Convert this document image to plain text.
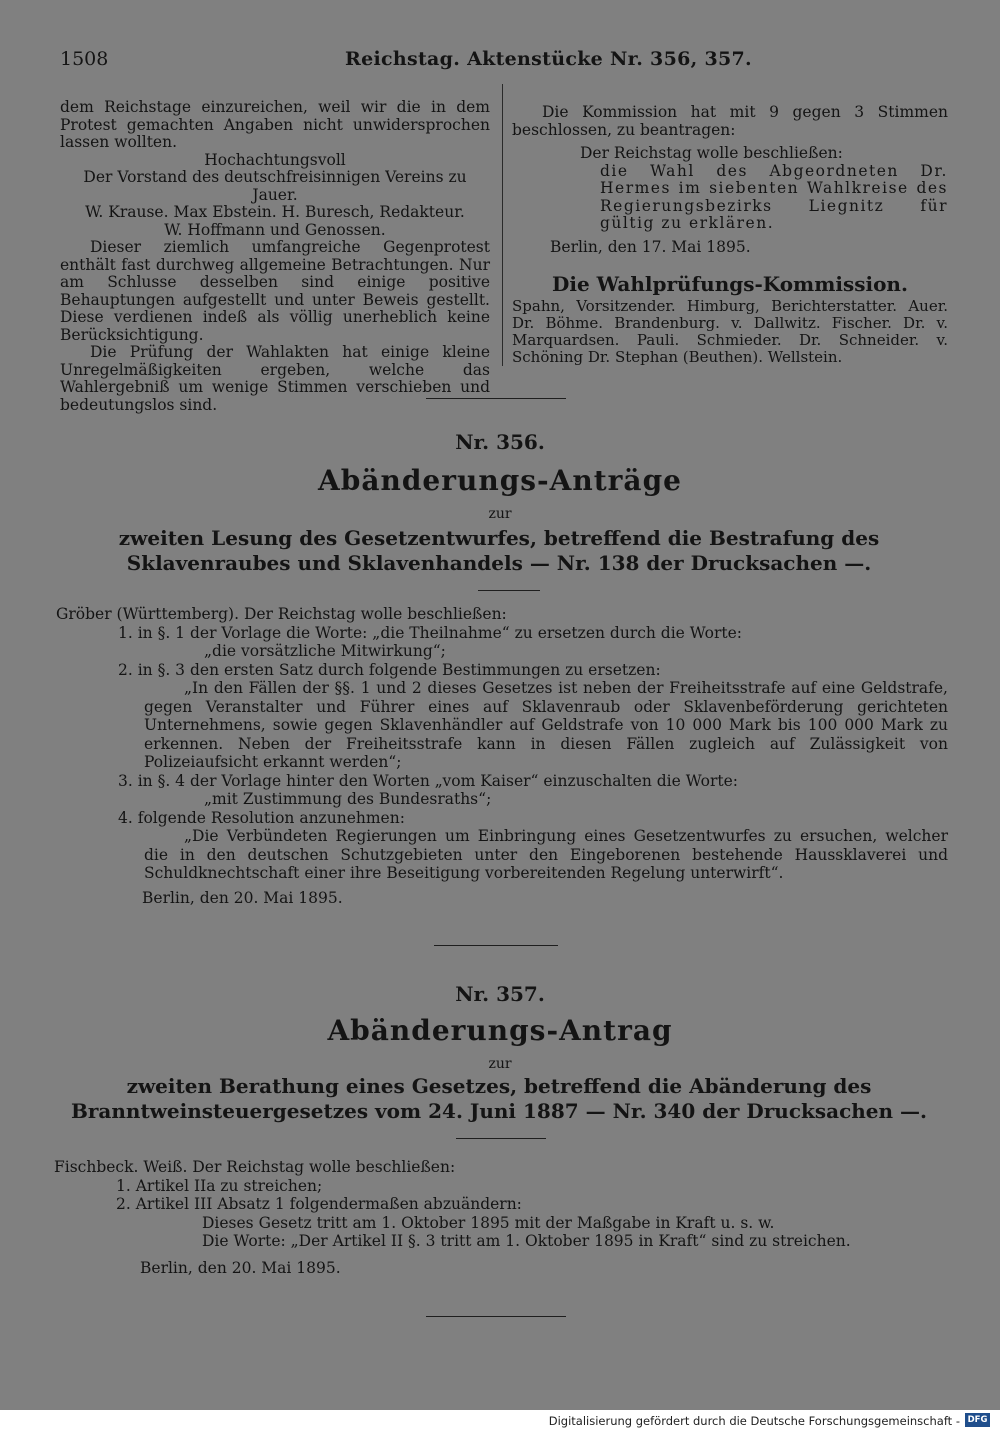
1508	Reichstag. Aktenstücke Nr. 356, 357.

dem Reichstage einzureichen, weil wir die in dem Protest gemachten Angaben nicht unwidersprochen lassen wollten.

Hochachtungsvoll

Der Vorstand des deutschfreisinnigen Vereins zu Jauer.

W. Krause. Max Ebstein. H. Buresch, Redakteur.

W. Hoffmann und Genossen.

Dieser ziemlich umfangreiche Gegenprotest enthält fast durchweg allgemeine Betrachtungen. Nur am Schlusse desselben sind einige positive Behauptungen aufgestellt und unter Beweis gestellt. Diese verdienen indeß als völlig unerheblich keine Berücksichtigung.

Die Prüfung der Wahlakten hat einige kleine Unregelmäßigkeiten ergeben, welche das Wahlergebniß um wenige Stimmen verschieben und bedeutungslos sind.

Die Kommission hat mit 9 gegen 3 Stimmen beschlossen, zu beantragen:

Der Reichstag wolle beschließen:

die Wahl des Abgeordneten Dr. Hermes im siebenten Wahlkreise des Regierungsbezirks Liegnitz für gültig zu erklären.

Berlin, den 17. Mai 1895.

Die Wahlprüfungs-Kommission.

Spahn, Vorsitzender. Himburg, Berichterstatter. Auer. Dr. Böhme. Brandenburg. v. Dallwitz. Fischer. Dr. v. Marquardsen. Pauli. Schmieder. Dr. Schneider. v. Schöning Dr. Stephan (Beuthen). Wellstein.

Nr. 356.
Abänderungs-Anträge
zur
zweiten Lesung des Gesetzentwurfes, betreffend die Bestrafung des Sklavenraubes und Sklavenhandels — Nr. 138 der Drucksachen —.

Gröber (Württemberg). Der Reichstag wolle beschließen:

1. in §. 1 der Vorlage die Worte: „die Theilnahme“ zu ersetzen durch die Worte:

„die vorsätzliche Mitwirkung“;

2. in §. 3 den ersten Satz durch folgende Bestimmungen zu ersetzen:

„In den Fällen der §§. 1 und 2 dieses Gesetzes ist neben der Freiheitsstrafe auf eine Geldstrafe, gegen Veranstalter und Führer eines auf Sklavenraub oder Sklavenbeförderung gerichteten Unternehmens, sowie gegen Sklavenhändler auf Geldstrafe von 10 000 Mark bis 100 000 Mark zu erkennen. Neben der Freiheitsstrafe kann in diesen Fällen zugleich auf Zulässigkeit von Polizeiaufsicht erkannt werden“;

3. in §. 4 der Vorlage hinter den Worten „vom Kaiser“ einzuschalten die Worte:

„mit Zustimmung des Bundesraths“;

4. folgende Resolution anzunehmen:

„Die Verbündeten Regierungen um Einbringung eines Gesetzentwurfes zu ersuchen, welcher die in den deutschen Schutzgebieten unter den Eingeborenen bestehende Haussklaverei und Schuldknechtschaft einer ihre Beseitigung vorbereitenden Regelung unterwirft“.

Berlin, den 20. Mai 1895.

Nr. 357.
Abänderungs-Antrag
zur
zweiten Berathung eines Gesetzes, betreffend die Abänderung des Branntweinsteuergesetzes vom 24. Juni 1887 — Nr. 340 der Drucksachen —.

Fischbeck. Weiß. Der Reichstag wolle beschließen:

1. Artikel IIa zu streichen;

2. Artikel III Absatz 1 folgendermaßen abzuändern:

Dieses Gesetz tritt am 1. Oktober 1895 mit der Maßgabe in Kraft u. s. w.

Die Worte: „Der Artikel II §. 3 tritt am 1. Oktober 1895 in Kraft“ sind zu streichen.

Berlin, den 20. Mai 1895.

Digitalisierung gefördert durch die Deutsche Forschungsgemeinschaft - DFG
